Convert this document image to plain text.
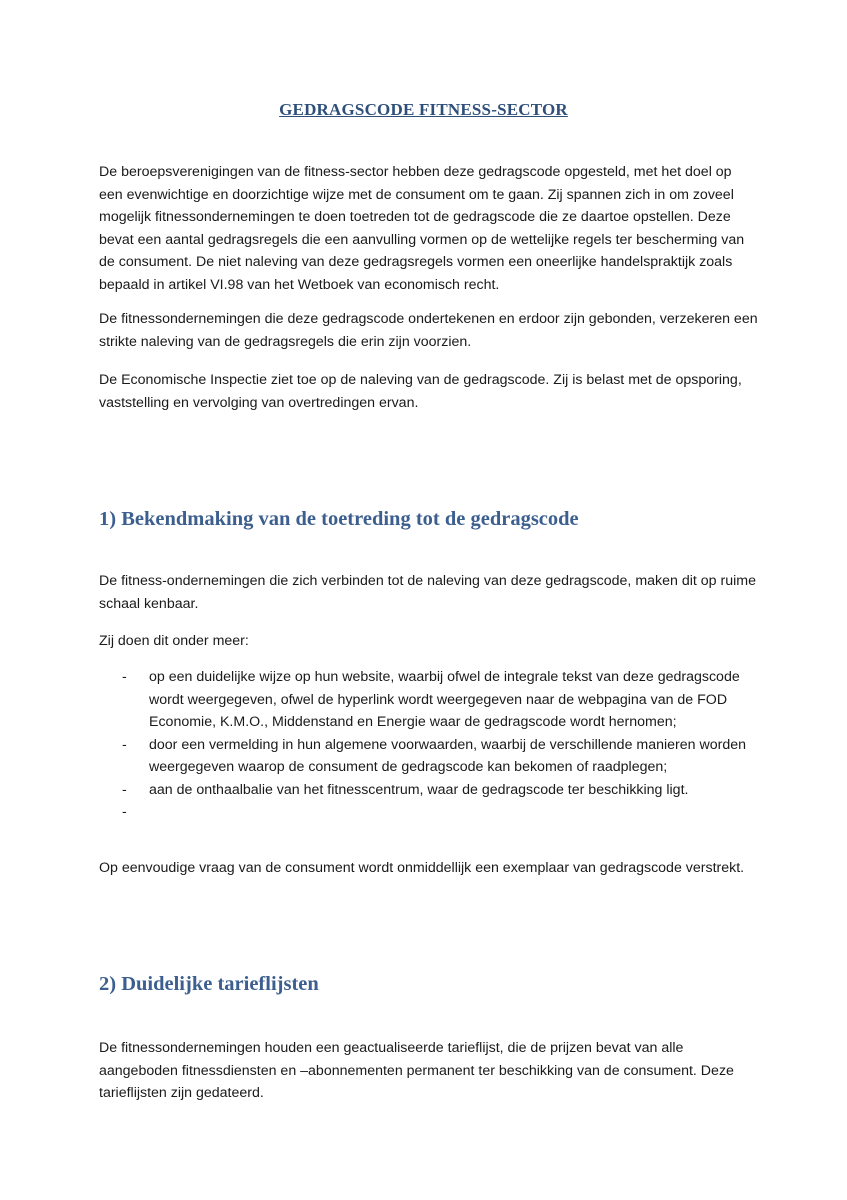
GEDRAGSCODE FITNESS-SECTOR

De beroepsverenigingen van de fitness-sector hebben deze gedragscode opgesteld, met het doel op een evenwichtige en doorzichtige wijze met de consument om te gaan. Zij spannen zich in om zoveel mogelijk fitnessondernemingen te doen toetreden tot de gedragscode die ze daartoe opstellen. Deze bevat een aantal gedragsregels die een aanvulling vormen op de wettelijke regels ter bescherming van de consument. De niet naleving van deze gedragsregels vormen een oneerlijke handelspraktijk zoals bepaald in artikel VI.98 van het Wetboek van economisch recht.

De fitnessondernemingen die deze gedragscode ondertekenen en erdoor zijn gebonden, verzekeren een strikte naleving van de gedragsregels die erin zijn voorzien.

De Economische Inspectie ziet toe op de naleving van de gedragscode. Zij is belast met de opsporing, vaststelling en vervolging van overtredingen ervan.

1) Bekendmaking van de toetreding tot de gedragscode

De fitness-ondernemingen die zich verbinden tot de naleving van deze gedragscode, maken dit op ruime schaal kenbaar.

Zij doen dit onder meer:

- op een duidelijke wijze op hun website, waarbij ofwel de integrale tekst van deze gedragscode wordt weergegeven, ofwel de hyperlink wordt weergegeven naar de webpagina van de FOD Economie, K.M.O., Middenstand en Energie waar de gedragscode wordt hernomen;
- door een vermelding in hun algemene voorwaarden, waarbij de verschillende manieren worden weergegeven waarop de consument de gedragscode kan bekomen of raadplegen;
- aan de onthaalbalie van het fitnesscentrum, waar de gedragscode ter beschikking ligt.
-

Op eenvoudige vraag van de consument wordt onmiddellijk een exemplaar van gedragscode verstrekt.

2) Duidelijke tarieflijsten

De fitnessondernemingen houden een geactualiseerde tarieflijst, die de prijzen bevat van alle aangeboden fitnessdiensten en –abonnementen permanent ter beschikking van de consument. Deze tarieflijsten zijn gedateerd.
